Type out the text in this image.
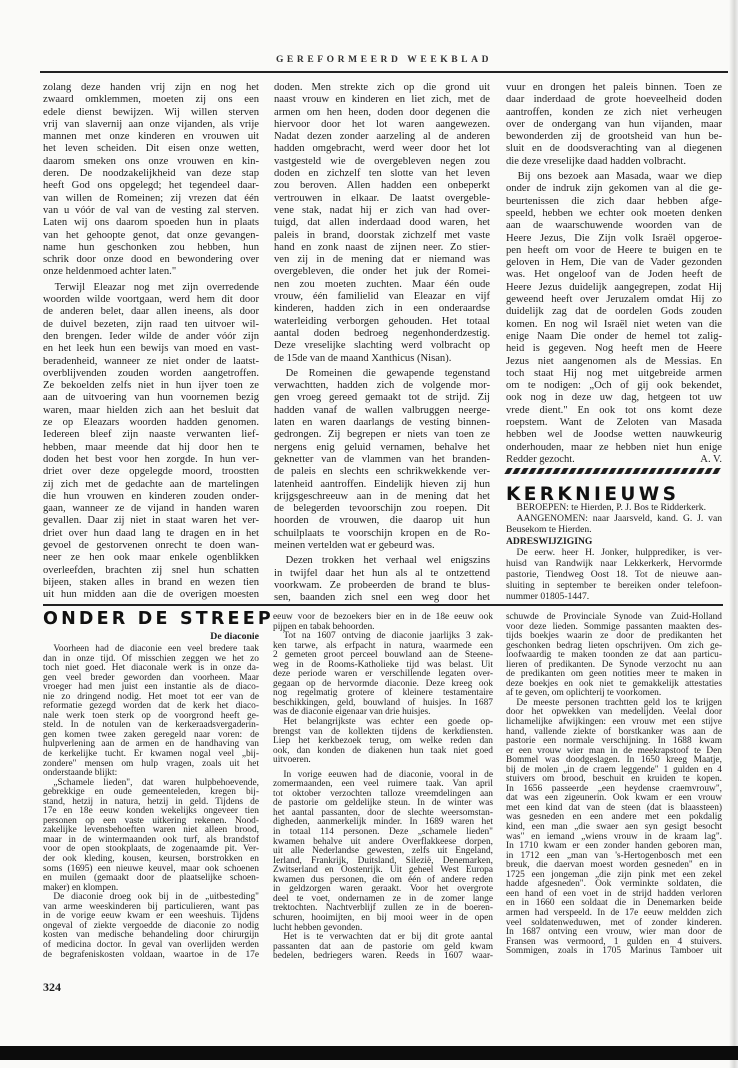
GEREFORMEERD WEEKBLAD
zolang deze handen vrij zijn en nog het
zwaard omklemmen, moeten zij ons een
edele dienst bewijzen. Wij willen sterven
vrij van slavernij aan onze vijanden, als vrije
mannen met onze kinderen en vrouwen uit
het leven scheiden. Dit eisen onze wetten,
daarom smeken ons onze vrouwen en kin-
deren. De noodzakelijkheid van deze stap
heeft God ons opgelegd; het tegendeel daar-
van willen de Romeinen; zij vrezen dat één
van u vóór de val van de vesting zal sterven.
Laten wij ons daarom spoeden hun in plaats
van het gehoopte genot, dat onze gevangen-
name hun geschonken zou hebben, hun
schrik door onze dood en bewondering over
onze heldenmoed achter laten."
Terwijl Eleazar nog met zijn overredende
woorden wilde voortgaan, werd hem dit door
de anderen belet, daar allen ineens, als door
de duivel bezeten, zijn raad ten uitvoer wil-
den brengen. Ieder wilde de ander vóór zijn
en het leek hun een bewijs van moed en vast-
beradenheid, wanneer ze niet onder de laatst-
overblijvenden zouden worden aangetroffen.
Ze bekoelden zelfs niet in hun ijver toen ze
aan de uitvoering van hun voornemen bezig
waren, maar hielden zich aan het besluit dat
ze op Eleazars woorden hadden genomen.
Iedereen bleef zijn naaste verwanten lief-
hebben, maar meende dat hij door hen te
doden het best voor hen zorgde. In hun ver-
driet over deze opgelegde moord, troostten
zij zich met de gedachte aan de martelingen
die hun vrouwen en kinderen zouden onder-
gaan, wanneer ze de vijand in handen waren
gevallen. Daar zij niet in staat waren het ver-
driet over hun daad lang te dragen en in het
gevoel de gestorvenen onrecht te doen wan-
neer ze hen ook maar enkele ogenblikken
overleefden, brachten zij snel hun schatten
bijeen, staken alles in brand en wezen tien
uit hun midden aan die de overigen moesten
doden. Men strekte zich op die grond uit
naast vrouw en kinderen en liet zich, met de
armen om hen heen, doden door degenen die
hiervoor door het lot waren aangewezen.
Nadat dezen zonder aarzeling al de anderen
hadden omgebracht, werd weer door het lot
vastgesteld wie de overgebleven negen zou
doden en zichzelf ten slotte van het leven
zou beroven. Allen hadden een onbeperkt
vertrouwen in elkaar. De laatst overgeble-
vene stak, nadat hij er zich van had over-
tuigd, dat allen inderdaad dood waren, het
paleis in brand, doorstak zichzelf met vaste
hand en zonk naast de zijnen neer. Zo stier-
ven zij in de mening dat er niemand was
overgebleven, die onder het juk der Romei-
nen zou moeten zuchten. Maar één oude
vrouw, één familielid van Eleazar en vijf
kinderen, hadden zich in een onderaardse
waterleiding verborgen gehouden. Het totaal
aantal doden bedroeg negenhonderdzestig.
Deze vreselijke slachting werd volbracht op
de 15de van de maand Xanthicus (Nisan).
De Romeinen die gewapende tegenstand
verwachtten, hadden zich de volgende mor-
gen vroeg gereed gemaakt tot de strijd. Zij
hadden vanaf de wallen valbruggen neerge-
laten en waren daarlangs de vesting binnen-
gedrongen. Zij begrepen er niets van toen ze
nergens enig geluid vernamen, behalve het
geknetter van de vlammen van het branden-
de paleis en slechts een schrikwekkende ver-
latenheid aantroffen. Eindelijk hieven zij hun
krijgsgeschreeuw aan in de mening dat het
de belegerden tevoorschijn zou roepen. Dit
hoorden de vrouwen, die daarop uit hun
schuilplaats te voorschijn kropen en de Ro-
meinen vertelden wat er gebeurd was.
Dezen trokken het verhaal wel enigszins
in twijfel daar het hun als al te ontzettend
voorkwam. Ze probeerden de brand te blus-
sen, baanden zich snel een weg door het
vuur en drongen het paleis binnen. Toen ze
daar inderdaad de grote hoeveelheid doden
aantroffen, konden ze zich niet verheugen
over de ondergang van hun vijanden, maar
bewonderden zij de grootsheid van hun be-
sluit en de doodsverachting van al diegenen
die deze vreselijke daad hadden volbracht.
Bij ons bezoek aan Masada, waar we diep
onder de indruk zijn gekomen van al die ge-
beurtenissen die zich daar hebben afge-
speeld, hebben we echter ook moeten denken
aan de waarschuwende woorden van de
Heere Jezus, Die Zijn volk Israël opgeroe-
pen heeft om voor de Heere te buigen en te
geloven in Hem, Die van de Vader gezonden
was. Het ongeloof van de Joden heeft de
Heere Jezus duidelijk aangegrepen, zodat Hij
geweend heeft over Jeruzalem omdat Hij zo
duidelijk zag dat de oordelen Gods zouden
komen. En nog wil Israël niet weten van die
enige Naam Die onder de hemel tot zalig-
heid is gegeven. Nog heeft men de Heere
Jezus niet aangenomen als de Messias. En
toch staat Hij nog met uitgebreide armen
om te nodigen: „Och of gij ook bekendet,
ook nog in deze uw dag, hetgeen tot uw
vrede dient." En ook tot ons komt deze
roepstem. Want de Zeloten van Masada
hebben wel de Joodse wetten nauwkeurig
onderhouden, maar ze hebben niet hun enige
Redder gezocht.	A. V.
KERKNIEUWS
BEROEPEN: te Hierden, P. J. Bos te Ridderkerk.
AANGENOMEN: naar Jaarsveld, kand. G. J. van
Beusekom te Hierden.
ADRESWIJZIGING
De eerw. heer H. Jonker, hulpprediker, is ver-
huisd van Randwijk naar Lekkerkerk, Hervormde
pastorie, Tiendweg Oost 18. Tot de nieuwe aan-
sluiting in september te bereiken onder telefoon-
nummer 01805-1447.
ONDER DE STREEP
De diaconie
Voorheen had de diaconie een veel bredere taak
dan in onze tijd. Of misschien zeggen we het zo
toch niet goed. Het diaconale werk is in onze da-
gen veel breder geworden dan voorheen. Maar
vroeger had men juist een instantie als de diaco-
nie zo dringend nodig. Het moet tot eer van de
reformatie gezegd worden dat de kerk het diaco-
nale werk toen sterk op de voorgrond heeft ge-
steld. In de notulen van de kerkeraadsvergaderin-
gen komen twee zaken geregeld naar voren: de
hulpverlening aan de armen en de handhaving van
de kerkelijke tucht. Er kwamen nogal veel „bij-
zondere" mensen om hulp vragen, zoals uit het
onderstaande blijkt:
„Schamele lieden", dat waren hulpbehoevende,
gebrekkige en oude gemeenteleden, kregen bij-
stand, hetzij in natura, hetzij in geld. Tijdens de
17e en 18e eeuw konden wekelijks ongeveer tien
personen op een vaste uitkering rekenen. Nood-
zakelijke levensbehoeften waren niet alleen brood,
maar in de wintermaanden ook turf, als brandstof
voor de open stookplaats, de zogenaamde pit. Ver-
der ook kleding, kousen, keursen, borstrokken en
soms (1695) een nieuwe keuvel, maar ook schoenen
en muilen (gemaakt door de plaatselijke schoen-
maker) en klompen.
De diaconie droeg ook bij in de „uitbesteding"
van arme weeskinderen bij particulieren, want pas
in de vorige eeuw kwam er een weeshuis. Tijdens
ongeval of ziekte vergoedde de diaconie zo nodig
kosten van medische behandeling door chirurgijn
of medicina doctor. In geval van overlijden werden
de begrafeniskosten voldaan, waartoe in de 17e
eeuw voor de bezoekers bier en in de 18e eeuw ook
pijpen en tabak behoorden.
Tot na 1607 ontving de diaconie jaarlijks 3 zak-
ken tarwe, als erfpacht in natura, waarmede een
2 gemeten groot perceel bouwland aan de Steene-
weg in de Rooms-Katholieke tijd was belast. Uit
deze periode waren er verschillende legaten over-
gegaan op de hervormde diaconie. Deze kreeg ook
nog regelmatig grotere of kleinere testamentaire
beschikkingen, geld, bouwland of huisjes. In 1687
was de diaconie eigenaar van drie huisjes.
Het belangrijkste was echter een goede op-
brengst van de kollekten tijdens de kerkdiensten.
Liep het kerkbezoek terug, om welke reden dan
ook, dan konden de diakenen hun taak niet goed
uitvoeren.
In vorige eeuwen had de diaconie, vooral in de
zomermaanden, een veel ruimere taak. Van april
tot oktober verzochten talloze vreemdelingen aan
de pastorie om geldelijke steun. In de winter was
het aantal passanten, door de slechte weersomstan-
digheden, aanmerkelijk minder. In 1689 waren het
in totaal 114 personen. Deze „schamele lieden"
kwamen behalve uit andere Overflakkeese dorpen,
uit alle Nederlandse gewesten, zelfs uit Engeland,
Ierland, Frankrijk, Duitsland, Silezië, Denemarken,
Zwitserland en Oostenrijk. Uit geheel West Europa
kwamen dus personen, die om één of andere reden
in geldzorgen waren geraakt. Voor het overgrote
deel te voet, ondernamen ze in de zomer lange
trektochten. Nachtverblijf zullen ze in de boeren-
schuren, hooimijten, en bij mooi weer in de open
lucht hebben gevonden.
Het is te verwachten dat er bij dit grote aantal
passanten dat aan de pastorie om geld kwam
bedelen, bedriegers waren. Reeds in 1607 waar-
schuwde de Provinciale Synode van Zuid-Holland
voor deze lieden. Sommige passanten maakten des-
tijds boekjes waarin ze door de predikanten het
geschonken bedrag lieten opschrijven. Om zich ge-
loofwaardig te maken toonden ze dat aan particu-
lieren of predikanten. De Synode verzocht nu aan
de predikanten om geen notities meer te maken in
deze boekjes en ook niet te gemakkelijk attestaties
af te geven, om oplichterij te voorkomen.
De meeste personen trachtten geld los te krijgen
door het opwekken van medelijden. Veelal door
lichamelijke afwijkingen: een vrouw met een stijve
hand, vallende ziekte of borstkanker was aan de
pastorie een normale verschijning. In 1688 kwam
er een vrouw wier man in de meekrapstoof te Den
Bommel was doodgeslagen. In 1650 kreeg Maatje,
bij de molen „in de craem leggende" 1 gulden en 4
stuivers om brood, beschuit en kruiden te kopen.
In 1656 passeerde „een heydense craemvrouw",
dat was een zigeunerin. Ook kwam er een vrouw
met een kind dat van de steen (dat is blaassteen)
was gesneden en een andere met een pokdalig
kind, een man „die swaer aen syn gesigt besocht
was" en iemand „wiens vrouw in de kraam lag".
In 1710 kwam er een zonder handen geboren man,
in 1712 een „man van 's-Hertogenbosch met een
breuk, die daervan moest worden gesneden" en in
1725 een jongeman „die zijn pink met een zekel
hadde afgesneden". Ook verminkte soldaten, die
een hand of een voet in de strijd hadden verloren
en in 1660 een soldaat die in Denemarken beide
armen had verspeeld. In de 17e eeuw meldden zich
veel soldatenweduwen, met of zonder kinderen.
In 1687 ontving een vrouw, wier man door de
Fransen was vermoord, 1 gulden en 4 stuivers.
Sommigen, zoals in 1705 Marinus Tamboer uit
324
